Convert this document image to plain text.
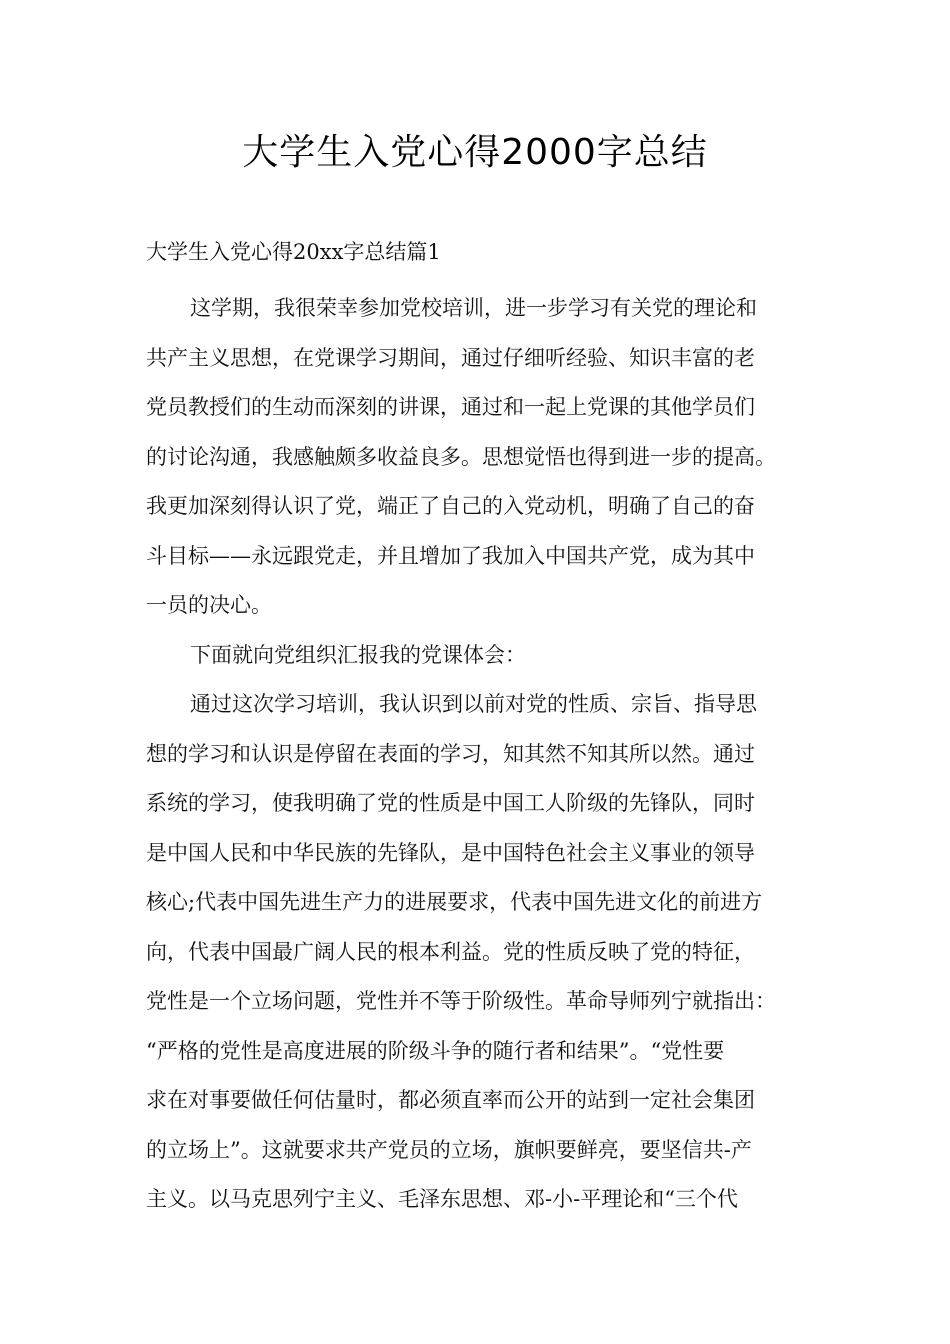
大学生入党心得2000字总结
大学生入党心得20xx字总结篇1
这学期，我很荣幸参加党校培训，进一步学习有关党的理论和
共产主义思想，在党课学习期间，通过仔细听经验、知识丰富的老
党员教授们的生动而深刻的讲课，通过和一起上党课的其他学员们
的讨论沟通，我感触颇多收益良多。思想觉悟也得到进一步的提高。
我更加深刻得认识了党，端正了自己的入党动机，明确了自己的奋
斗目标——永远跟党走，并且增加了我加入中国共产党，成为其中
一员的决心。
下面就向党组织汇报我的党课体会：
通过这次学习培训，我认识到以前对党的性质、宗旨、指导思
想的学习和认识是停留在表面的学习，知其然不知其所以然。通过
系统的学习，使我明确了党的性质是中国工人阶级的先锋队，同时
是中国人民和中华民族的先锋队，是中国特色社会主义事业的领导
核心;代表中国先进生产力的进展要求，代表中国先进文化的前进方
向，代表中国最广阔人民的根本利益。党的性质反映了党的特征，
党性是一个立场问题，党性并不等于阶级性。革命导师列宁就指出：
“严格的党性是高度进展的阶级斗争的随行者和结果”。“党性要
求在对事要做任何估量时，都必须直率而公开的站到一定社会集团
的立场上”。这就要求共产党员的立场，旗帜要鲜亮，要坚信共-产
主义。以马克思列宁主义、毛泽东思想、邓-小-平理论和“三个代
